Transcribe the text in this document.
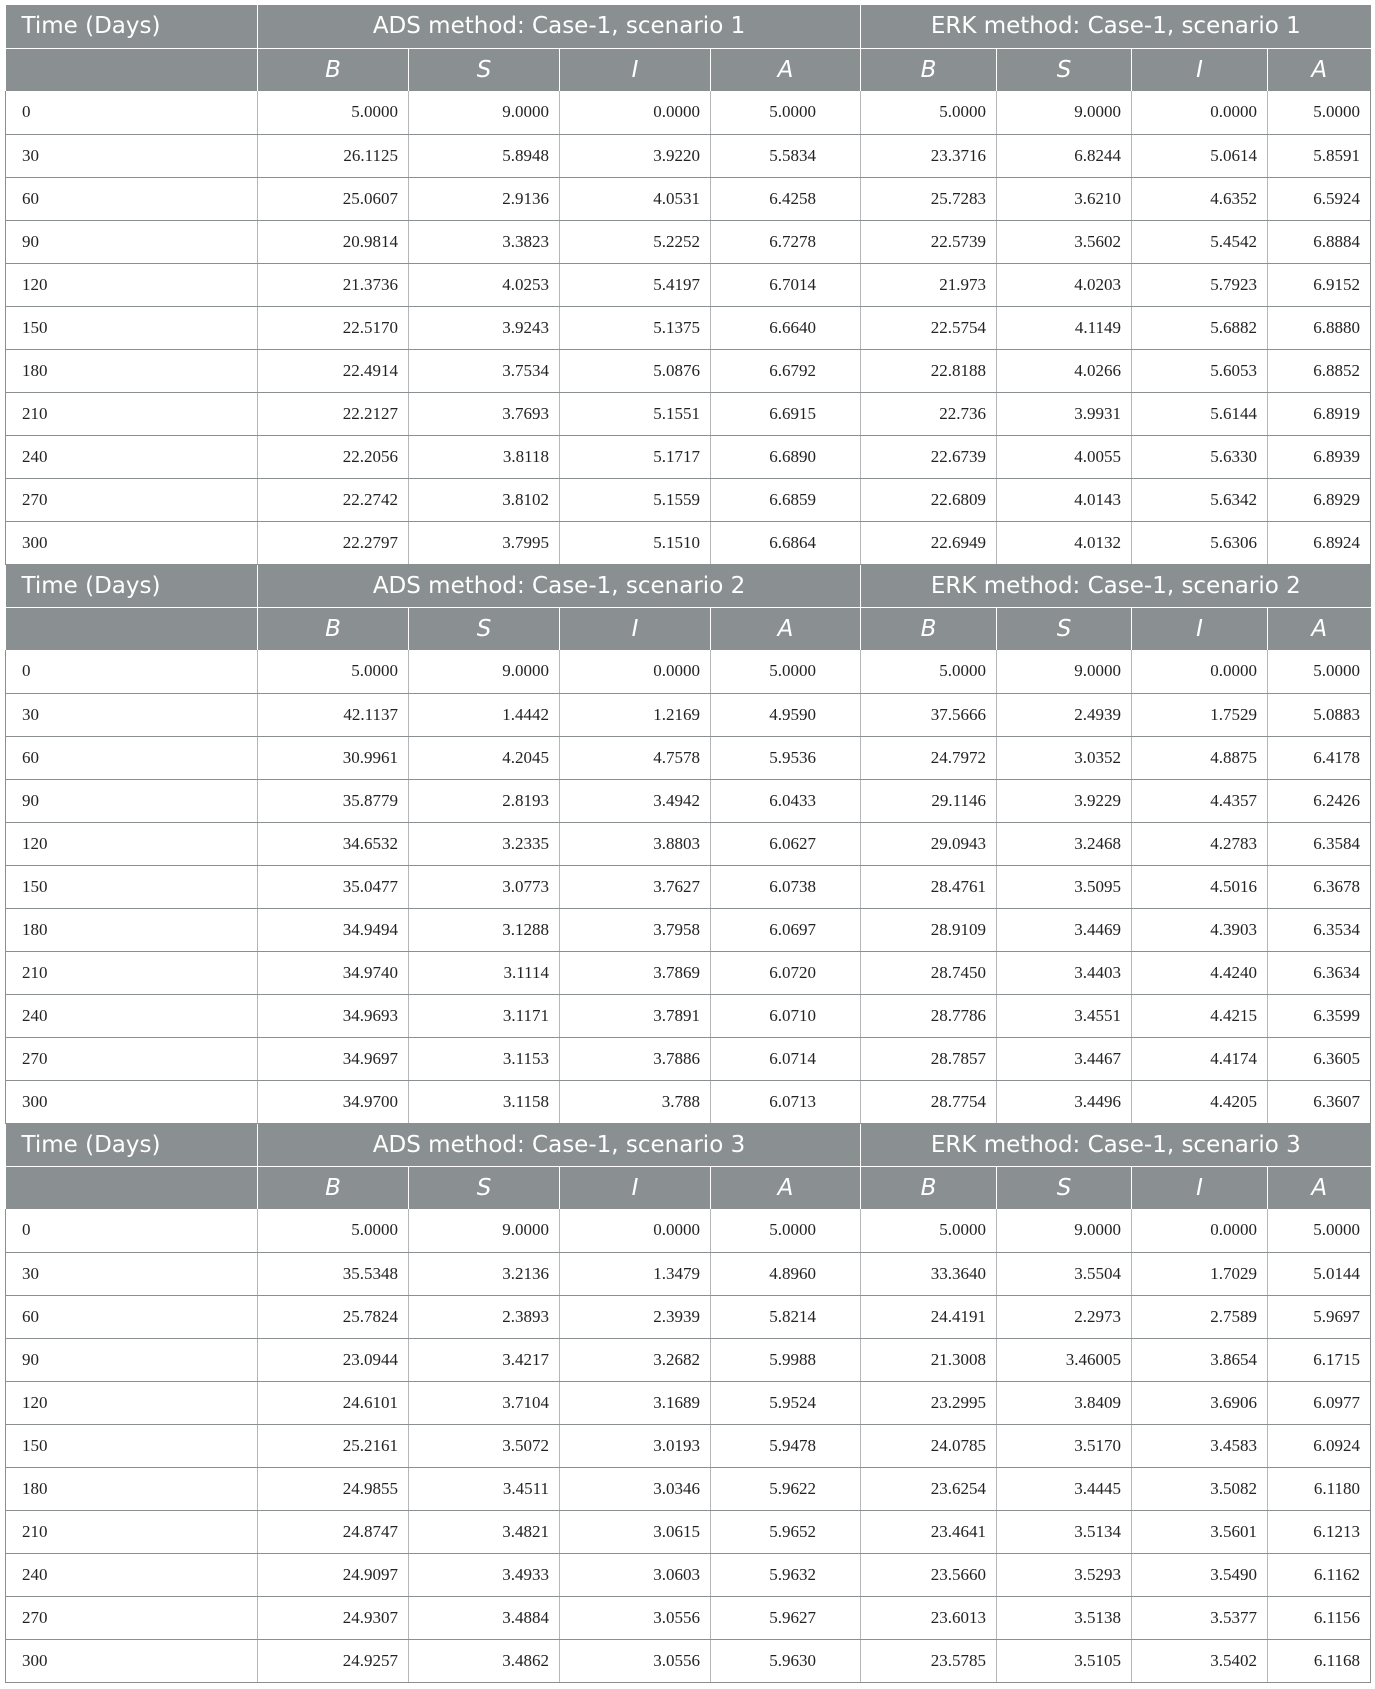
Time (Days)	ADS method: Case-1, scenario 1				ERK method: Case-1, scenario 1			
	B	S	I	A	B	S	I	A
0	5.0000	9.0000	0.0000	5.0000	5.0000	9.0000	0.0000	5.0000
30	26.1125	5.8948	3.9220	5.5834	23.3716	6.8244	5.0614	5.8591
60	25.0607	2.9136	4.0531	6.4258	25.7283	3.6210	4.6352	6.5924
90	20.9814	3.3823	5.2252	6.7278	22.5739	3.5602	5.4542	6.8884
120	21.3736	4.0253	5.4197	6.7014	21.973	4.0203	5.7923	6.9152
150	22.5170	3.9243	5.1375	6.6640	22.5754	4.1149	5.6882	6.8880
180	22.4914	3.7534	5.0876	6.6792	22.8188	4.0266	5.6053	6.8852
210	22.2127	3.7693	5.1551	6.6915	22.736	3.9931	5.6144	6.8919
240	22.2056	3.8118	5.1717	6.6890	22.6739	4.0055	5.6330	6.8939
270	22.2742	3.8102	5.1559	6.6859	22.6809	4.0143	5.6342	6.8929
300	22.2797	3.7995	5.1510	6.6864	22.6949	4.0132	5.6306	6.8924
Time (Days)	ADS method: Case-1, scenario 2				ERK method: Case-1, scenario 2			
	B	S	I	A	B	S	I	A
0	5.0000	9.0000	0.0000	5.0000	5.0000	9.0000	0.0000	5.0000
30	42.1137	1.4442	1.2169	4.9590	37.5666	2.4939	1.7529	5.0883
60	30.9961	4.2045	4.7578	5.9536	24.7972	3.0352	4.8875	6.4178
90	35.8779	2.8193	3.4942	6.0433	29.1146	3.9229	4.4357	6.2426
120	34.6532	3.2335	3.8803	6.0627	29.0943	3.2468	4.2783	6.3584
150	35.0477	3.0773	3.7627	6.0738	28.4761	3.5095	4.5016	6.3678
180	34.9494	3.1288	3.7958	6.0697	28.9109	3.4469	4.3903	6.3534
210	34.9740	3.1114	3.7869	6.0720	28.7450	3.4403	4.4240	6.3634
240	34.9693	3.1171	3.7891	6.0710	28.7786	3.4551	4.4215	6.3599
270	34.9697	3.1153	3.7886	6.0714	28.7857	3.4467	4.4174	6.3605
300	34.9700	3.1158	3.788	6.0713	28.7754	3.4496	4.4205	6.3607
Time (Days)	ADS method: Case-1, scenario 3				ERK method: Case-1, scenario 3			
	B	S	I	A	B	S	I	A
0	5.0000	9.0000	0.0000	5.0000	5.0000	9.0000	0.0000	5.0000
30	35.5348	3.2136	1.3479	4.8960	33.3640	3.5504	1.7029	5.0144
60	25.7824	2.3893	2.3939	5.8214	24.4191	2.2973	2.7589	5.9697
90	23.0944	3.4217	3.2682	5.9988	21.3008	3.46005	3.8654	6.1715
120	24.6101	3.7104	3.1689	5.9524	23.2995	3.8409	3.6906	6.0977
150	25.2161	3.5072	3.0193	5.9478	24.0785	3.5170	3.4583	6.0924
180	24.9855	3.4511	3.0346	5.9622	23.6254	3.4445	3.5082	6.1180
210	24.8747	3.4821	3.0615	5.9652	23.4641	3.5134	3.5601	6.1213
240	24.9097	3.4933	3.0603	5.9632	23.5660	3.5293	3.5490	6.1162
270	24.9307	3.4884	3.0556	5.9627	23.6013	3.5138	3.5377	6.1156
300	24.9257	3.4862	3.0556	5.9630	23.5785	3.5105	3.5402	6.1168
